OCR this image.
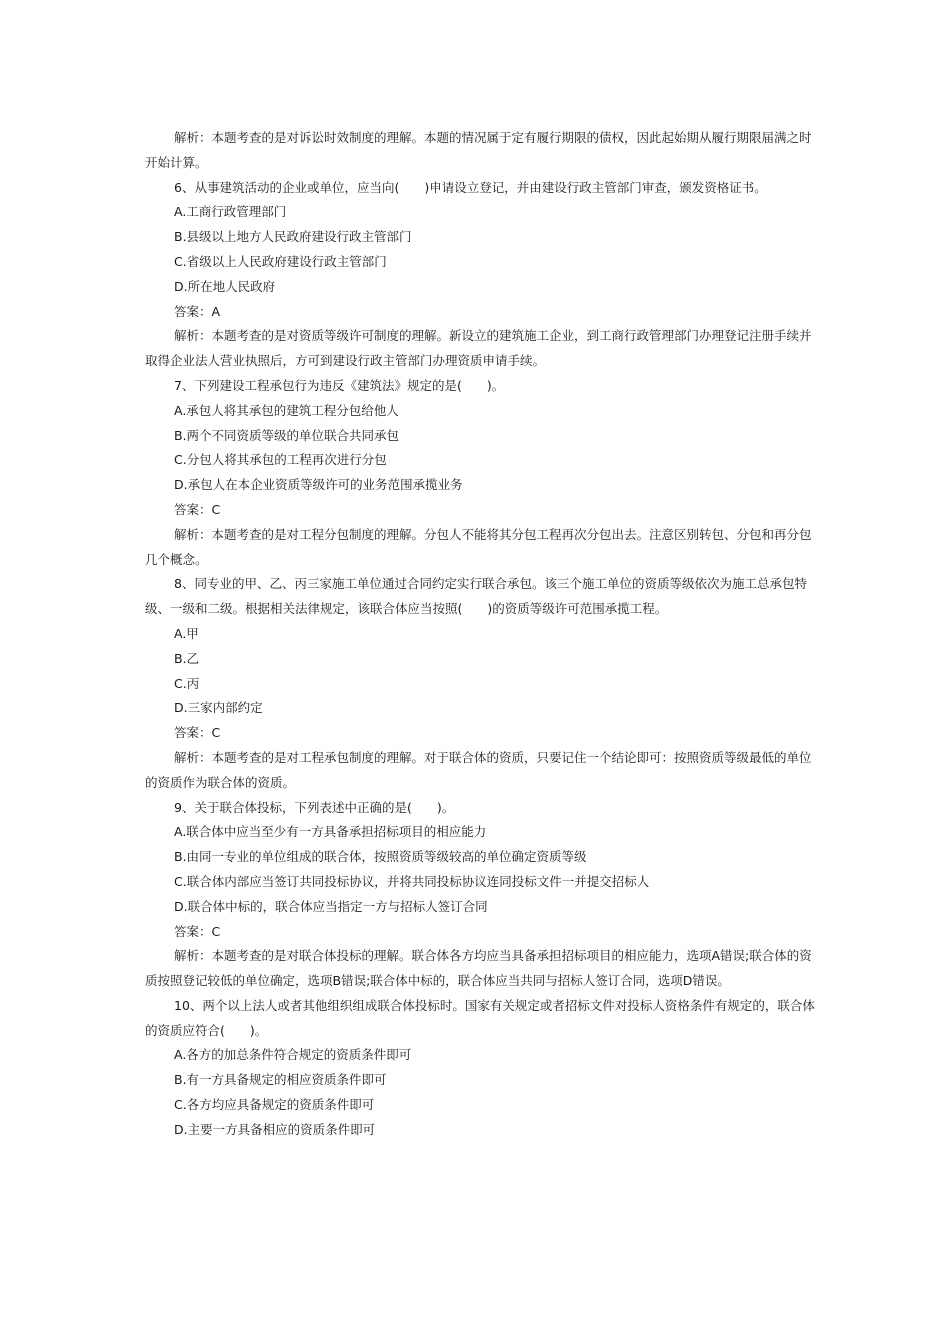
解析：本题考查的是对诉讼时效制度的理解。本题的情况属于定有履行期限的债权，因此起始期从履行期限届满之时开始计算。

6、从事建筑活动的企业或单位，应当向(　　)申请设立登记，并由建设行政主管部门审查，颁发资格证书。

A.工商行政管理部门

B.县级以上地方人民政府建设行政主管部门

C.省级以上人民政府建设行政主管部门

D.所在地人民政府

答案：A

解析：本题考查的是对资质等级许可制度的理解。新设立的建筑施工企业，到工商行政管理部门办理登记注册手续并取得企业法人营业执照后，方可到建设行政主管部门办理资质申请手续。

7、下列建设工程承包行为违反《建筑法》规定的是(　　)。

A.承包人将其承包的建筑工程分包给他人

B.两个不同资质等级的单位联合共同承包

C.分包人将其承包的工程再次进行分包

D.承包人在本企业资质等级许可的业务范围承揽业务

答案：C

解析：本题考查的是对工程分包制度的理解。分包人不能将其分包工程再次分包出去。注意区别转包、分包和再分包几个概念。

8、同专业的甲、乙、丙三家施工单位通过合同约定实行联合承包。该三个施工单位的资质等级依次为施工总承包特级、一级和二级。根据相关法律规定，该联合体应当按照(　　)的资质等级许可范围承揽工程。

A.甲

B.乙

C.丙

D.三家内部约定

答案：C

解析：本题考查的是对工程承包制度的理解。对于联合体的资质，只要记住一个结论即可：按照资质等级最低的单位的资质作为联合体的资质。

9、关于联合体投标，下列表述中正确的是(　　)。

A.联合体中应当至少有一方具备承担招标项目的相应能力

B.由同一专业的单位组成的联合体，按照资质等级较高的单位确定资质等级

C.联合体内部应当签订共同投标协议，并将共同投标协议连同投标文件一并提交招标人

D.联合体中标的，联合体应当指定一方与招标人签订合同

答案：C

解析：本题考查的是对联合体投标的理解。联合体各方均应当具备承担招标项目的相应能力，选项A错误;联合体的资质按照登记较低的单位确定，选项B错误;联合体中标的，联合体应当共同与招标人签订合同，选项D错误。

10、两个以上法人或者其他组织组成联合体投标时。国家有关规定或者招标文件对投标人资格条件有规定的，联合体的资质应符合(　　)。

A.各方的加总条件符合规定的资质条件即可

B.有一方具备规定的相应资质条件即可

C.各方均应具备规定的资质条件即可

D.主要一方具备相应的资质条件即可
